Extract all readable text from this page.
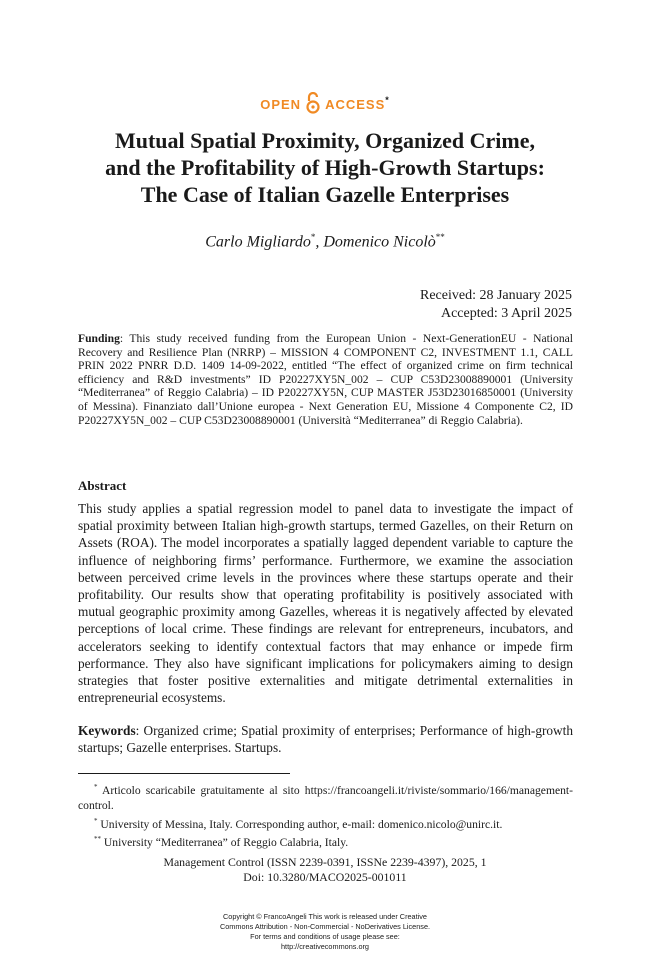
OPEN ACCESS*
Mutual Spatial Proximity, Organized Crime,
and the Profitability of High-Growth Startups:
The Case of Italian Gazelle Enterprises
Carlo Migliardo*, Domenico Nicolò**
Received: 28 January 2025
Accepted: 3 April 2025
Funding: This study received funding from the European Union - Next-GenerationEU - National Recovery and Resilience Plan (NRRP) – MISSION 4 COMPONENT C2, INVESTMENT 1.1, CALL PRIN 2022 PNRR D.D. 1409 14-09-2022, entitled “The effect of organized crime on firm technical efficiency and R&D investments” ID P20227XY5N_002 – CUP C53D23008890001 (University “Mediterranea” of Reggio Calabria) – ID P20227XY5N, CUP MASTER J53D23016850001 (University of Messina). Finanziato dall’Unione europea - Next Generation EU, Missione 4 Componente C2, ID P20227XY5N_002 – CUP C53D23008890001 (Università “Mediterranea” di Reggio Calabria).
Abstract
This study applies a spatial regression model to panel data to investigate the impact of spatial proximity between Italian high-growth startups, termed Gazelles, on their Return on Assets (ROA). The model incorporates a spatially lagged dependent variable to capture the influence of neighboring firms’ performance. Furthermore, we examine the association between perceived crime levels in the provinces where these startups operate and their profitability. Our results show that operating profitability is positively associated with mutual geographic proximity among Gazelles, whereas it is negatively affected by elevated perceptions of local crime. These findings are relevant for entrepreneurs, incubators, and accelerators seeking to identify contextual factors that may enhance or impede firm performance. They also have significant implications for policymakers aiming to design strategies that foster positive externalities and mitigate detrimental externalities in entrepreneurial ecosystems.
Keywords: Organized crime; Spatial proximity of enterprises; Performance of high-growth startups; Gazelle enterprises. Startups.
* Articolo scaricabile gratuitamente al sito https://francoangeli.it/riviste/sommario/166/management-control.
* University of Messina, Italy. Corresponding author, e-mail: domenico.nicolo@unirc.it.
** University “Mediterranea” of Reggio Calabria, Italy.
Management Control (ISSN 2239-0391, ISSNe 2239-4397), 2025, 1
Doi: 10.3280/MACO2025-001011
Copyright © FrancoAngeli This work is released under Creative
Commons Attribution - Non-Commercial - NoDerivatives License.
For terms and conditions of usage please see:
http://creativecommons.org
